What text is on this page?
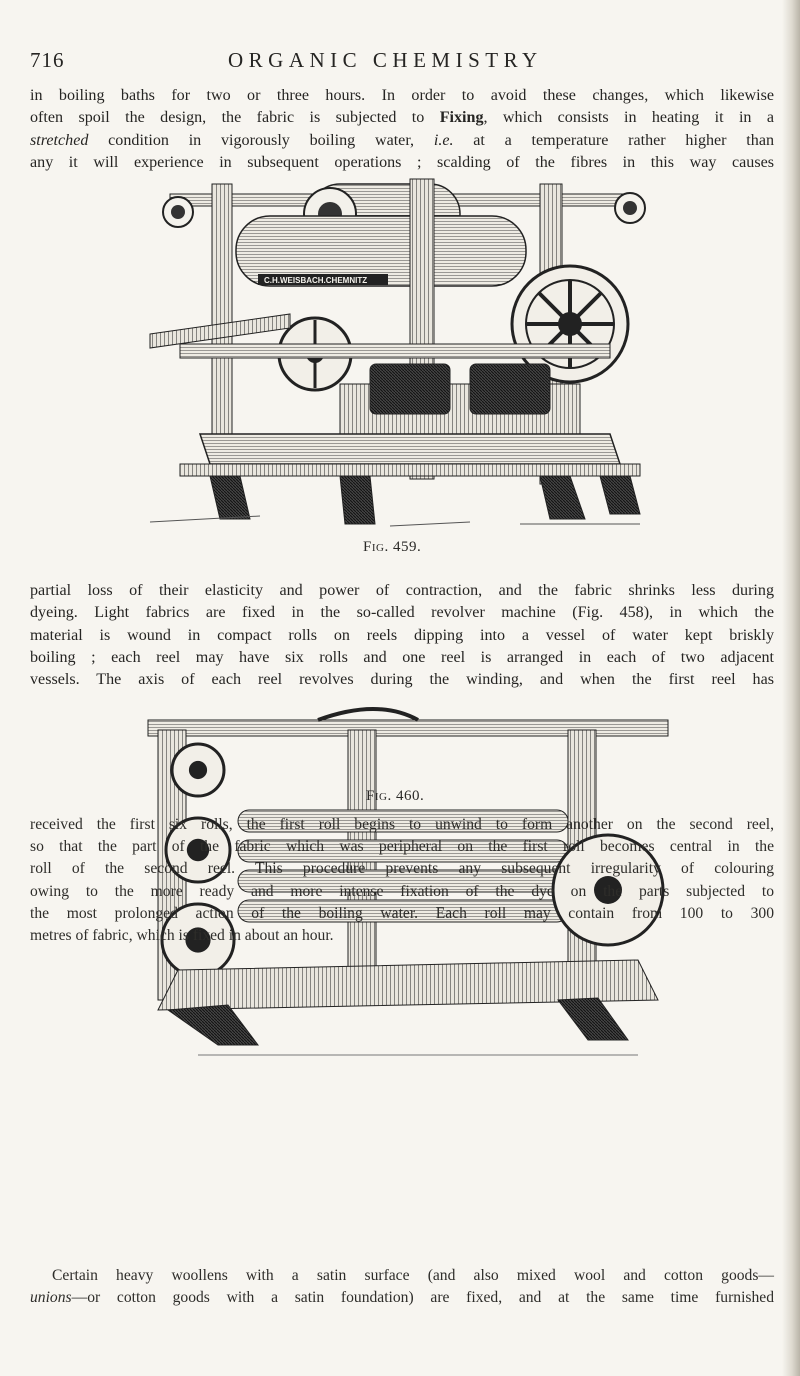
716	ORGANIC CHEMISTRY

in boiling baths for two or three hours. In order to avoid these changes, which likewise
often spoil the design, the fabric is subjected to Fixing, which consists in heating it in a
stretched condition in vigorously boiling water, i.e. at a temperature rather higher than
any it will experience in subsequent operations ; scalding of the fibres in this way causes

C.H.WEISBACH.CHEMNITZ
Fig. 459.

partial loss of their elasticity and power of contraction, and the fabric shrinks less during
dyeing. Light fabrics are fixed in the so-called revolver machine (Fig. 458), in which the
material is wound in compact rolls on reels dipping into a vessel of water kept briskly
boiling ; each reel may have six rolls and one reel is arranged in each of two adjacent
vessels. The axis of each reel revolves during the winding, and when the first reel has

Fig. 460.

received the first six rolls, the first roll begins to unwind to form another on the second reel,
so that the part of the fabric which was peripheral on the first roll becomes central in the
roll of the second reel. This procedure prevents any subsequent irregularity of colouring
owing to the more ready and more intense fixation of the dye on the parts subjected to
the most prolonged action of the boiling water. Each roll may contain from 100 to 300
metres of fabric, which is fixed in about an hour.

Certain heavy woollens with a satin surface (and also mixed wool and cotton goods—
unions—or cotton goods with a satin foundation) are fixed, and at the same time furnished
